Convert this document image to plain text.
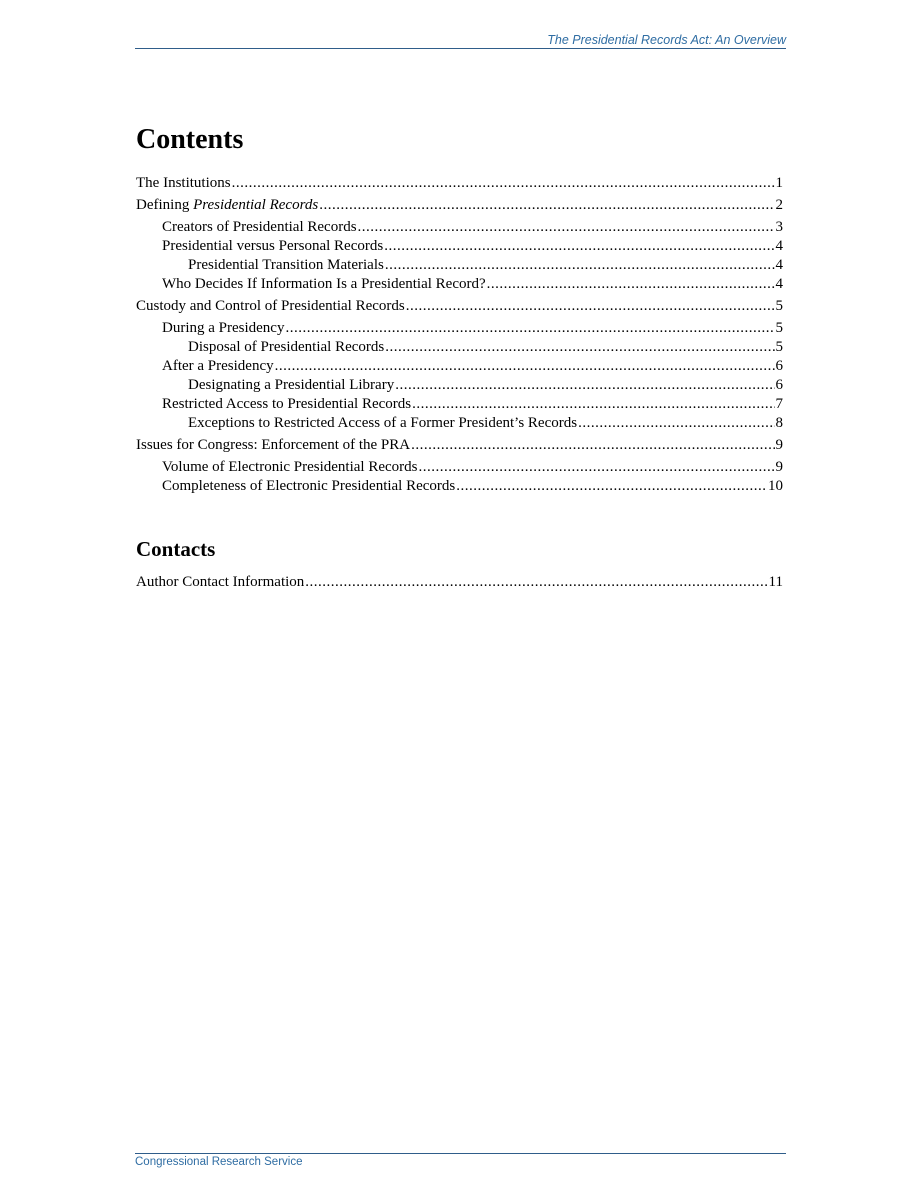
The Presidential Records Act: An Overview
Contents
The Institutions .....	1
Defining Presidential Records .....	2
Creators of Presidential Records .....	3
Presidential versus Personal Records .....	4
Presidential Transition Materials .....	4
Who Decides If Information Is a Presidential Record? .....	4
Custody and Control of Presidential Records .....	5
During a Presidency .....	5
Disposal of Presidential Records .....	5
After a Presidency .....	6
Designating a Presidential Library .....	6
Restricted Access to Presidential Records .....	7
Exceptions to Restricted Access of a Former President’s Records .....	8
Issues for Congress: Enforcement of the PRA .....	9
Volume of Electronic Presidential Records .....	9
Completeness of Electronic Presidential Records .....	10
Contacts
Author Contact Information .....	11
Congressional Research Service
